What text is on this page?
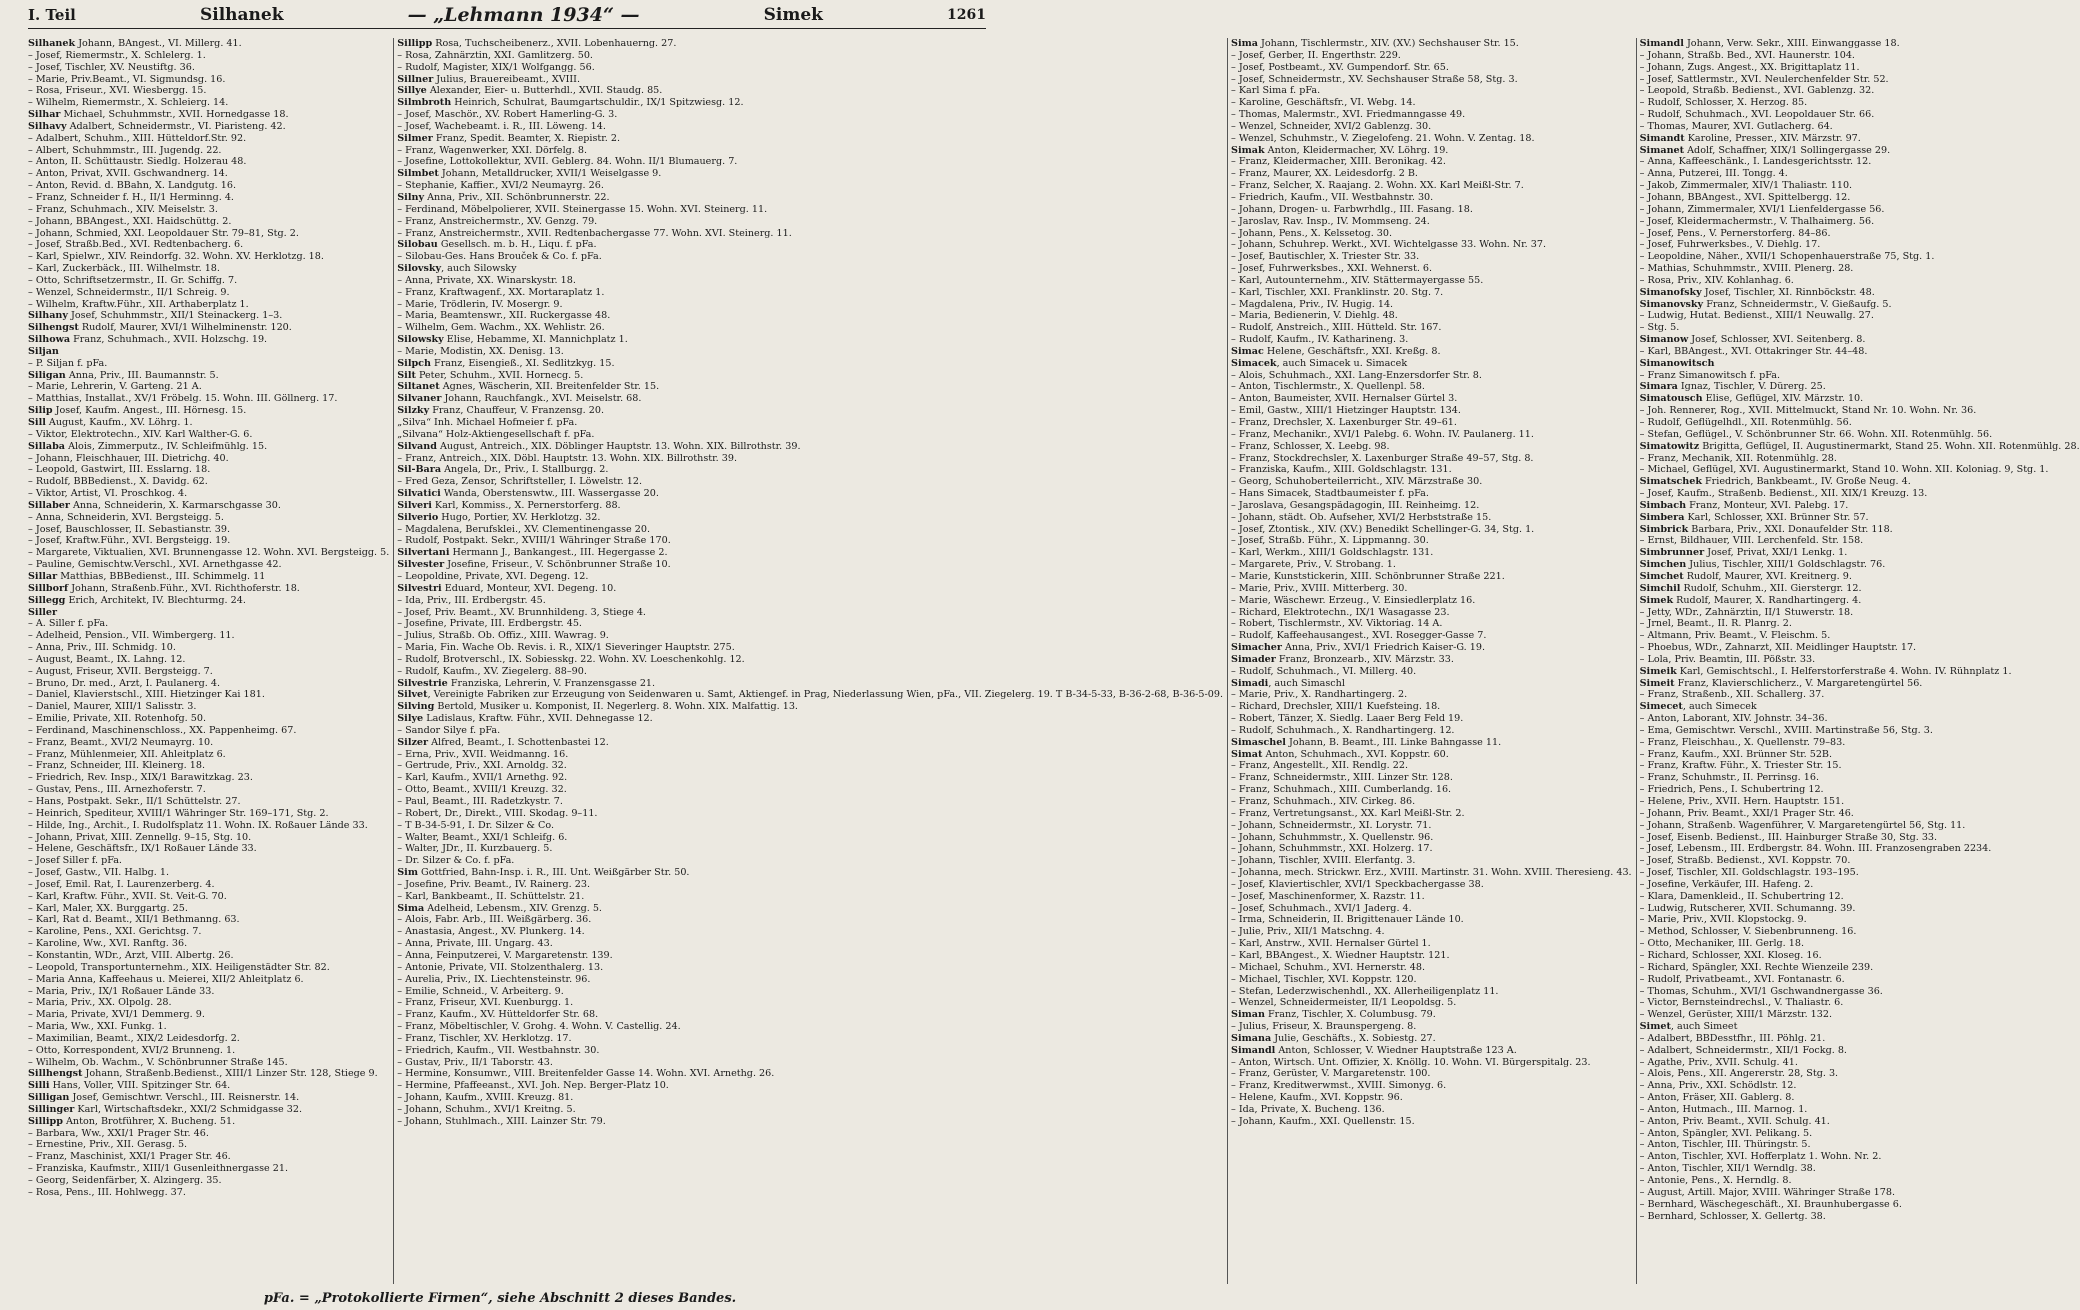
I. Teil	Silhanek	— „Lehmann 1934“ —	Simek	1261
Silhanek Johann, BAngest., VI. Millerg. 41.
– Josef, Riemermstr., X. Schlelerg. 1.
– Josef, Tischler, XV. Neustiftg. 36.
– Marie, Priv.Beamt., VI. Sigmundsg. 16.
– Rosa, Friseur., XVI. Wiesbergg. 15.
– Wilhelm, Riemermstr., X. Schleierg. 14.
Silhar Michael, Schuhmmstr., XVII. Hornedgasse 18.
Silhavy Adalbert, Schneidermstr., VI. Piaristeng. 42.
– Adalbert, Schuhm., XIII. Hütteldorf.Str. 92.
– Albert, Schuhmmstr., III. Jugendg. 22.
– Anton, II. Schüttaustr. Siedlg. Holzerau 48.
– Anton, Privat, XVII. Gschwandnerg. 14.
– Anton, Revid. d. BBahn, X. Landgutg. 16.
– Franz, Schneider f. H., II/1 Herminng. 4.
– Franz, Schuhmach., XIV. Meiselstr. 3.
– Johann, BBAngest., XXI. Haidschüttg. 2.
– Johann, Schmied, XXI. Leopoldauer Str. 79–81, Stg. 2.
– Josef, Straßb.Bed., XVI. Redtenbacherg. 6.
– Karl, Spielwr., XIV. Reindorfg. 32. Wohn. XV. Herklotzg. 18.
– Karl, Zuckerbäck., III. Wilhelmstr. 18.
– Otto, Schriftsetzermstr., II. Gr. Schiffg. 7.
– Wenzel, Schneidermstr., II/1 Schreig. 9.
– Wilhelm, Kraftw.Führ., XII. Arthaberplatz 1.
Silhany Josef, Schuhmmstr., XII/1 Steinackerg. 1–3.
Silhengst Rudolf, Maurer, XVI/1 Wilhelminenstr. 120.
Silhowa Franz, Schuhmach., XVII. Holzschg. 19.
Siljan
– P. Siljan f. pFa.
Siligan Anna, Priv., III. Baumannstr. 5.
– Marie, Lehrerin, V. Garteng. 21 A.
– Matthias, Installat., XV/1 Fröbelg. 15. Wohn. III. Göllnerg. 17.
Silip Josef, Kaufm. Angest., III. Hörnesg. 15.
Sill August, Kaufm., XV. Löhrg. 1.
– Viktor, Elektrotechn., XIV. Karl Walther-G. 6.
Sillaba Alois, Zimmerputz., IV. Schleifmühlg. 15.
– Johann, Fleischhauer, III. Dietrichg. 40.
– Leopold, Gastwirt, III. Esslarng. 18.
– Rudolf, BBBedienst., X. Davidg. 62.
– Viktor, Artist, VI. Proschkog. 4.
Sillaber Anna, Schneiderin, X. Karmarschgasse 30.
– Anna, Schneiderin, XVI. Bergsteigg. 5.
– Josef, Bauschlosser, II. Sebastianstr. 39.
– Josef, Kraftw.Führ., XVI. Bergsteigg. 19.
– Margarete, Viktualien, XVI. Brunnengasse 12. Wohn. XVI. Bergsteigg. 5.
– Pauline, Gemischtw.Verschl., XVI. Arnethgasse 42.
Sillar Matthias, BBBedienst., III. Schimmelg. 11
Sillborf Johann, Straßenb.Führ., XVI. Richthoferstr. 18.
Sillegg Erich, Architekt, IV. Blechturmg. 24.
Siller
– A. Siller f. pFa.
– Adelheid, Pension., VII. Wimbergerg. 11.
– Anna, Priv., III. Schmidg. 10.
– August, Beamt., IX. Lahng. 12.
– August, Friseur, XVII. Bergsteigg. 7.
– Bruno, Dr. med., Arzt, I. Paulanerg. 4.
– Daniel, Klavierstschl., XIII. Hietzinger Kai 181.
– Daniel, Maurer, XIII/1 Salisstr. 3.
– Emilie, Private, XII. Rotenhofg. 50.
– Ferdinand, Maschinenschloss., XX. Pappenheimg. 67.
– Franz, Beamt., XVI/2 Neumayrg. 10.
– Franz, Mühlenmeier, XII. Ahleitplatz 6.
– Franz, Schneider, III. Kleinerg. 18.
– Friedrich, Rev. Insp., XIX/1 Barawitzkag. 23.
– Gustav, Pens., III. Arnezhoferstr. 7.
– Hans, Postpakt. Sekr., II/1 Schüttelstr. 27.
– Heinrich, Spediteur, XVIII/1 Währinger Str. 169–171, Stg. 2.
– Hilde, Ing., Archit., I. Rudolfsplatz 11. Wohn. IX. Roßauer Lände 33.
– Johann, Privat, XIII. Zennellg. 9–15, Stg. 10.
– Helene, Geschäftsfr., IX/1 Roßauer Lände 33.
– Josef Siller f. pFa.
– Josef, Gastw., VII. Halbg. 1.
– Josef, Emil. Rat, I. Laurenzerberg. 4.
– Karl, Kraftw. Führ., XVII. St. Veit-G. 70.
– Karl, Maler, XX. Burggartg. 25.
– Karl, Rat d. Beamt., XII/1 Bethmanng. 63.
– Karoline, Pens., XXI. Gerichtsg. 7.
– Karoline, Ww., XVI. Ranftg. 36.
– Konstantin, WDr., Arzt, VIII. Albertg. 26.
– Leopold, Transportunternehm., XIX. Heiligenstädter Str. 82.
– Maria Anna, Kaffeehaus u. Meierei, XII/2 Ahleitplatz 6.
– Maria, Priv., IX/1 Roßauer Lände 33.
– Maria, Priv., XX. Olpolg. 28.
– Maria, Private, XVI/1 Demmerg. 9.
– Maria, Ww., XXI. Funkg. 1.
– Maximilian, Beamt., XIX/2 Leidesdorfg. 2.
– Otto, Korrespondent, XVI/2 Brunneng. 1.
– Wilhelm, Ob. Wachm., V. Schönbrunner Straße 145.
Sillhengst Johann, Straßenb.Bedienst., XIII/1 Linzer Str. 128, Stiege 9.
Silli Hans, Voller, VIII. Spitzinger Str. 64.
Silligan Josef, Gemischtwr. Verschl., III. Reisnerstr. 14.
Sillinger Karl, Wirtschaftsdekr., XXI/2 Schmidgasse 32.
Sillipp Anton, Brotführer, X. Bucheng. 51.
– Barbara, Ww., XXI/1 Prager Str. 46.
– Ernestine, Priv., XII. Gerasg. 5.
– Franz, Maschinist, XXI/1 Prager Str. 46.
– Franziska, Kaufmstr., XIII/1 Gusenleithnergasse 21.
– Georg, Seidenfärber, X. Alzingerg. 35.
– Rosa, Pens., III. Hohlwegg. 37.
Sillipp Rosa, Tuchscheibenerz., XVII. Lobenhauerng. 27.
– Rosa, Zahnärztin, XXI. Gamlitzerg. 50.
– Rudolf, Magister, XIX/1 Wolfgangg. 56.
Sillner Julius, Brauereibeamt., XVIII.
Sillye Alexander, Eier- u. Butterhdl., XVII. Staudg. 85.
Silmbroth Heinrich, Schulrat, Baumgartschuldir., IX/1 Spitzwiesg. 12.
– Josef, Maschör., XV. Robert Hamerling-G. 3.
– Josef, Wachebeamt. i. R., III. Löweng. 14.
Silmer Franz, Spedit. Beamter, X. Riepistr. 2.
– Franz, Wagenwerker, XXI. Dörfelg. 8.
– Josefine, Lottokollektur, XVII. Geblerg. 84. Wohn. II/1 Blumauerg. 7.
Silmbet Johann, Metalldrucker, XVII/1 Weiselgasse 9.
– Stephanie, Kaffier., XVI/2 Neumayrg. 26.
Silny Anna, Priv., XII. Schönbrunnerstr. 22.
– Ferdinand, Möbelpolierer, XVII. Steinergasse 15. Wohn. XVI. Steinerg. 11.
– Franz, Anstreichermstr., XV. Genzg. 79.
– Franz, Anstreichermstr., XVII. Redtenbachergasse 77. Wohn. XVI. Steinerg. 11.
Silobau Gesellsch. m. b. H., Liqu. f. pFa.
– Silobau-Ges. Hans Brouček & Co. f. pFa.
Silovsky, auch Silowsky
– Anna, Private, XX. Winarskystr. 18.
– Franz, Kraftwagenf., XX. Mortaraplatz 1.
– Marie, Trödlerin, IV. Mosergr. 9.
– Maria, Beamtenswr., XII. Ruckergasse 48.
– Wilhelm, Gem. Wachm., XX. Wehlistr. 26.
Silowsky Elise, Hebamme, XI. Mannichplatz 1.
– Marie, Modistin, XX. Denisg. 13.
Silpch Franz, Eisengieß., XI. Sedlitzkyg. 15.
Silt Peter, Schuhm., XVII. Hornecg. 5.
Siltanet Agnes, Wäscherin, XII. Breitenfelder Str. 15.
Silvaner Johann, Rauchfangk., XVI. Meiselstr. 68.
Silzky Franz, Chauffeur, V. Franzensg. 20.
„Silva“ Inh. Michael Hofmeier f. pFa.
„Silvana“ Holz-Aktiengesellschaft f. pFa.
Silvand August, Antreich., XIX. Döblinger Hauptstr. 13. Wohn. XIX. Billrothstr. 39.
– Franz, Antreich., XIX. Döbl. Hauptstr. 13. Wohn. XIX. Billrothstr. 39.
Sil-Bara Angela, Dr., Priv., I. Stallburgg. 2.
– Fred Geza, Zensor, Schriftsteller, I. Löwelstr. 12.
Silvatici Wanda, Oberstenswtw., III. Wassergasse 20.
Silveri Karl, Kommiss., X. Pernerstorferg. 88.
Silverio Hugo, Portier, XV. Herklotzg. 32.
– Magdalena, Berufsklei., XV. Clementinengasse 20.
– Rudolf, Postpakt. Sekr., XVIII/1 Währinger Straße 170.
Silvertani Hermann J., Bankangest., III. Hegergasse 2.
Silvester Josefine, Friseur., V. Schönbrunner Straße 10.
– Leopoldine, Private, XVI. Degeng. 12.
Silvestri Eduard, Monteur, XVI. Degeng. 10.
– Ida, Priv., III. Erdbergstr. 45.
– Josef, Priv. Beamt., XV. Brunnhildeng. 3, Stiege 4.
– Josefine, Private, III. Erdbergstr. 45.
– Julius, Straßb. Ob. Offiz., XIII. Wawrag. 9.
– Maria, Fin. Wache Ob. Revis. i. R., XIX/1 Sieveringer Hauptstr. 275.
– Rudolf, Brotverschl., IX. Sobiesskg. 22. Wohn. XV. Loeschenkohlg. 12.
– Rudolf, Kaufm., XV. Ziegelerg. 88–90.
Silvestrie Franziska, Lehrerin, V. Franzensgasse 21.
Silvet, Vereinigte Fabriken zur Erzeugung von Seidenwaren u. Samt, Aktiengef. in Prag, Niederlassung Wien, pFa., VII. Ziegelerg. 19. T B-34-5-33, B-36-2-68, B-36-5-09.
Silving Bertold, Musiker u. Komponist, II. Negerlerg. 8. Wohn. XIX. Malfattig. 13.
Silye Ladislaus, Kraftw. Führ., XVII. Dehnegasse 12.
– Sandor Silye f. pFa.
Silzer Alfred, Beamt., I. Schottenbastei 12.
– Erna, Priv., XVII. Weidmanng. 16.
– Gertrude, Priv., XXI. Arnoldg. 32.
– Karl, Kaufm., XVII/1 Arnethg. 92.
– Otto, Beamt., XVIII/1 Kreuzg. 32.
– Paul, Beamt., III. Radetzkystr. 7.
– Robert, Dr., Direkt., VIII. Skodag. 9–11.
– T B-34-5-91, I. Dr. Silzer & Co.
– Walter, Beamt., XXI/1 Schleifg. 6.
– Walter, JDr., II. Kurzbauerg. 5.
– Dr. Silzer & Co. f. pFa.
Sim Gottfried, Bahn-Insp. i. R., III. Unt. Weißgärber Str. 50.
– Josefine, Priv. Beamt., IV. Rainerg. 23.
– Karl, Bankbeamt., II. Schüttelstr. 21.
Sima Adelheid, Lebensm., XIV. Grenzg. 5.
– Alois, Fabr. Arb., III. Weißgärberg. 36.
– Anastasia, Angest., XV. Plunkerg. 14.
– Anna, Private, III. Ungarg. 43.
– Anna, Feinputzerei, V. Margaretenstr. 139.
– Antonie, Private, VII. Stolzenthalerg. 13.
– Aurelia, Priv., IX. Liechtensteinstr. 96.
– Emilie, Schneid., V. Arbeiterg. 9.
– Franz, Friseur, XVI. Kuenburgg. 1.
– Franz, Kaufm., XV. Hütteldorfer Str. 68.
– Franz, Möbeltischler, V. Grohg. 4. Wohn. V. Castellig. 24.
– Franz, Tischler, XV. Herklotzg. 17.
– Friedrich, Kaufm., VII. Westbahnstr. 30.
– Gustav, Priv., II/1 Taborstr. 43.
– Hermine, Konsumwr., VIII. Breitenfelder Gasse 14. Wohn. XVI. Arnethg. 26.
– Hermine, Pfaffeeanst., XVI. Joh. Nep. Berger-Platz 10.
– Johann, Kaufm., XVIII. Kreuzg. 81.
– Johann, Schuhm., XVI/1 Kreitng. 5.
– Johann, Stuhlmach., XIII. Lainzer Str. 79.
Sima Johann, Tischlermstr., XIV. (XV.) Sechshauser Str. 15.
– Josef, Gerber, II. Engerthstr. 229.
– Josef, Postbeamt., XV. Gumpendorf. Str. 65.
– Josef, Schneidermstr., XV. Sechshauser Straße 58, Stg. 3.
– Karl Sima f. pFa.
– Karoline, Geschäftsfr., VI. Webg. 14.
– Thomas, Malermstr., XVI. Friedmanngasse 49.
– Wenzel, Schneider, XVI/2 Gablenzg. 30.
– Wenzel, Schuhmstr., V. Ziegelofeng. 21. Wohn. V. Zentag. 18.
Simak Anton, Kleidermacher, XV. Löhrg. 19.
– Franz, Kleidermacher, XIII. Beronikag. 42.
– Franz, Maurer, XX. Leidesdorfg. 2 B.
– Franz, Selcher, X. Raajang. 2. Wohn. XX. Karl Meißl-Str. 7.
– Friedrich, Kaufm., VII. Westbahnstr. 30.
– Johann, Drogen- u. Farbwrhdlg., III. Fasang. 18.
– Jaroslav, Rav. Insp., IV. Mommseng. 24.
– Johann, Pens., X. Kelssetog. 30.
– Johann, Schuhrep. Werkt., XVI. Wichtelgasse 33. Wohn. Nr. 37.
– Josef, Bautischler, X. Triester Str. 33.
– Josef, Fuhrwerksbes., XXI. Wehnerst. 6.
– Karl, Autounternehm., XIV. Stättermayergasse 55.
– Karl, Tischler, XXI. Franklinstr. 20. Stg. 7.
– Magdalena, Priv., IV. Hugig. 14.
– Maria, Bedienerin, V. Diehlg. 48.
– Rudolf, Anstreich., XIII. Hütteld. Str. 167.
– Rudolf, Kaufm., IV. Katharineng. 3.
Simac Helene, Geschäftsfr., XXI. Kreßg. 8.
Simacek, auch Simacek u. Simacek
– Alois, Schuhmach., XXI. Lang-Enzersdorfer Str. 8.
– Anton, Tischlermstr., X. Quellenpl. 58.
– Anton, Baumeister, XVII. Hernalser Gürtel 3.
– Emil, Gastw., XIII/1 Hietzinger Hauptstr. 134.
– Franz, Drechsler, X. Laxenburger Str. 49–61.
– Franz, Mechanikr., XVI/1 Palebg. 6. Wohn. IV. Paulanerg. 11.
– Franz, Schlosser, X. Leebg. 98.
– Franz, Stockdrechsler, X. Laxenburger Straße 49–57, Stg. 8.
– Franziska, Kaufm., XIII. Goldschlagstr. 131.
– Georg, Schuhoberteilerricht., XIV. Märzstraße 30.
– Hans Simacek, Stadtbaumeister f. pFa.
– Jaroslava, Gesangspädagogin, III. Reinheimg. 12.
– Johann, städt. Ob. Aufseher, XVI/2 Herbststraße 15.
– Josef, Ztontisk., XIV. (XV.) Benedikt Schellinger-G. 34, Stg. 1.
– Josef, Straßb. Führ., X. Lippmanng. 30.
– Karl, Werkm., XIII/1 Goldschlagstr. 131.
– Margarete, Priv., V. Strobang. 1.
– Marie, Kunststickerin, XIII. Schönbrunner Straße 221.
– Marie, Priv., XVIII. Mitterberg. 30.
– Marie, Wäschewr. Erzeug., V. Einsiedlerplatz 16.
– Richard, Elektrotechn., IX/1 Wasagasse 23.
– Robert, Tischlermstr., XV. Viktoriag. 14 A.
– Rudolf, Kaffeehausangest., XVI. Rosegger-Gasse 7.
Simacher Anna, Priv., XVI/1 Friedrich Kaiser-G. 19.
Simader Franz, Bronzearb., XIV. Märzstr. 33.
– Rudolf, Schuhmach., VI. Millerg. 40.
Simadi, auch Simaschl
– Marie, Priv., X. Randhartingerg. 2.
– Richard, Drechsler, XIII/1 Kuefsteing. 18.
– Robert, Tänzer, X. Siedlg. Laaer Berg Feld 19.
– Rudolf, Schuhmach., X. Randhartingerg. 12.
Simaschel Johann, B. Beamt., III. Linke Bahngasse 11.
Simat Anton, Schuhmach., XVI. Koppstr. 60.
– Franz, Angestellt., XII. Rendlg. 22.
– Franz, Schneidermstr., XIII. Linzer Str. 128.
– Franz, Schuhmach., XIII. Cumberlandg. 16.
– Franz, Schuhmach., XIV. Cirkeg. 86.
– Franz, Vertretungsanst., XX. Karl Meißl-Str. 2.
– Johann, Schneidermstr., XI. Lorystr. 71.
– Johann, Schuhmmstr., X. Quellenstr. 96.
– Johann, Schuhmmstr., XXI. Holzerg. 17.
– Johann, Tischler, XVIII. Elerfantg. 3.
– Johanna, mech. Strickwr. Erz., XVIII. Martinstr. 31. Wohn. XVIII. Theresieng. 43.
– Josef, Klaviertischler, XVI/1 Speckbachergasse 38.
– Josef, Maschinenformer, X. Razstr. 11.
– Josef, Schuhmach., XVI/1 Jaderg. 4.
– Irma, Schneiderin, II. Brigittenauer Lände 10.
– Julie, Priv., XII/1 Matschng. 4.
– Karl, Anstrw., XVII. Hernalser Gürtel 1.
– Karl, BBAngest., X. Wiedner Hauptstr. 121.
– Michael, Schuhm., XVI. Hernerstr. 48.
– Michael, Tischler, XVI. Koppstr. 120.
– Stefan, Lederzwischenhdl., XX. Allerheiligenplatz 11.
– Wenzel, Schneidermeister, II/1 Leopoldsg. 5.
Siman Franz, Tischler, X. Columbusg. 79.
– Julius, Friseur, X. Braunspergeng. 8.
Simana Julie, Geschäfts., X. Sobiestg. 27.
Simandl Anton, Schlosser, V. Wiedner Hauptstraße 123 A.
– Anton, Wirtsch. Unt. Offizier, X. Knöllg. 10. Wohn. VI. Bürgerspitalg. 23.
– Franz, Gerüster, V. Margaretenstr. 100.
– Franz, Kreditwerwmst., XVIII. Simonyg. 6.
– Helene, Kaufm., XVI. Koppstr. 96.
– Ida, Private, X. Bucheng. 136.
– Johann, Kaufm., XXI. Quellenstr. 15.
Simandl Johann, Verw. Sekr., XIII. Einwanggasse 18.
– Johann, Straßb. Bed., XVI. Haunerstr. 104.
– Johann, Zugs. Angest., XX. Brigittaplatz 11.
– Josef, Sattlermstr., XVI. Neulerchenfelder Str. 52.
– Leopold, Straßb. Bedienst., XVI. Gablenzg. 32.
– Rudolf, Schlosser, X. Herzog. 85.
– Rudolf, Schuhmach., XVI. Leopoldauer Str. 66.
– Thomas, Maurer, XVI. Gutlacherg. 64.
Simandt Karoline, Presser., XIV. Märzstr. 97.
Simanet Adolf, Schaffner, XIX/1 Sollingergasse 29.
– Anna, Kaffeeschänk., I. Landesgerichtsstr. 12.
– Anna, Putzerei, III. Tongg. 4.
– Jakob, Zimmermaler, XIV/1 Thaliastr. 110.
– Johann, BBAngest., XVI. Spittelbergg. 12.
– Johann, Zimmermaler, XVI/1 Lienfeldergasse 56.
– Josef, Kleidermachermstr., V. Thalhaimerg. 56.
– Josef, Pens., V. Pernerstorferg. 84–86.
– Josef, Fuhrwerksbes., V. Diehlg. 17.
– Leopoldine, Näher., XVII/1 Schopenhauerstraße 75, Stg. 1.
– Mathias, Schuhmmstr., XVIII. Plenerg. 28.
– Rosa, Priv., XIV. Kohlanhag. 6.
Simanofsky Josef, Tischler, XI. Rinnböckstr. 48.
Simanovsky Franz, Schneidermstr., V. Gießaufg. 5.
– Ludwig, Hutat. Bedienst., XIII/1 Neuwallg. 27.
– Stg. 5.
Simanow Josef, Schlosser, XVI. Seitenberg. 8.
– Karl, BBAngest., XVI. Ottakringer Str. 44–48.
Simanowitsch
– Franz Simanowitsch f. pFa.
Simara Ignaz, Tischler, V. Dürerg. 25.
Simatousch Elise, Geflügel, XIV. Märzstr. 10.
– Joh. Rennerer, Rog., XVII. Mittelmuckt, Stand Nr. 10. Wohn. Nr. 36.
– Rudolf, Geflügelhdl., XII. Rotenmühlg. 56.
– Stefan, Geflügel., V. Schönbrunner Str. 66. Wohn. XII. Rotenmühlg. 56.
Simatowitz Brigitta, Geflügel, II. Augustinermarkt, Stand 25. Wohn. XII. Rotenmühlg. 28.
– Franz, Mechanik, XII. Rotenmühlg. 28.
– Michael, Geflügel, XVI. Augustinermarkt, Stand 10. Wohn. XII. Koloniag. 9, Stg. 1.
Simatschek Friedrich, Bankbeamt., IV. Große Neug. 4.
– Josef, Kaufm., Straßenb. Bedienst., XII. XIX/1 Kreuzg. 13.
Simbach Franz, Monteur, XVI. Palebg. 17.
Simbera Karl, Schlosser, XXI. Brünner Str. 57.
Simbrick Barbara, Priv., XXI. Donaufelder Str. 118.
– Ernst, Bildhauer, VIII. Lerchenfeld. Str. 158.
Simbrunner Josef, Privat, XXI/1 Lenkg. 1.
Simchen Julius, Tischler, XIII/1 Goldschlagstr. 76.
Simchet Rudolf, Maurer, XVI. Kreitnerg. 9.
Simchil Rudolf, Schuhm., XII. Gierstergr. 12.
Simek Rudolf, Maurer, X. Randhartingerg. 4.
– Jetty, WDr., Zahnärztin, II/1 Stuwerstr. 18.
– Jrnel, Beamt., II. R. Planrg. 2.
– Altmann, Priv. Beamt., V. Fleischm. 5.
– Phoebus, WDr., Zahnarzt, XII. Meidlinger Hauptstr. 17.
– Lola, Priv. Beamtin, III. Pößstr. 33.
Simeik Karl, Gemischtschl., I. Helferstorferstraße 4. Wohn. IV. Rühnplatz 1.
Simeit Franz, Klavierschlicherz., V. Margaretengürtel 56.
– Franz, Straßenb., XII. Schallerg. 37.
Simecet, auch Simecek
– Anton, Laborant, XIV. Johnstr. 34–36.
– Ema, Gemischtwr. Verschl., XVIII. Martinstraße 56, Stg. 3.
– Franz, Fleischhau., X. Quellenstr. 79–83.
– Franz, Kaufm., XXI. Brünner Str. 52B.
– Franz, Kraftw. Führ., X. Triester Str. 15.
– Franz, Schuhmstr., II. Perrinsg. 16.
– Friedrich, Pens., I. Schubertring 12.
– Helene, Priv., XVII. Hern. Hauptstr. 151.
– Johann, Priv. Beamt., XXI/1 Prager Str. 46.
– Johann, Straßenb. Wagenführer, V. Margaretengürtel 56, Stg. 11.
– Josef, Eisenb. Bedienst., III. Hainburger Straße 30, Stg. 33.
– Josef, Lebensm., III. Erdbergstr. 84. Wohn. III. Franzosengraben 2234.
– Josef, Straßb. Bedienst., XVI. Koppstr. 70.
– Josef, Tischler, XII. Goldschlagstr. 193–195.
– Josefine, Verkäufer, III. Hafeng. 2.
– Klara, Damenkleid., II. Schubertring 12.
– Ludwig, Rutscherer, XVII. Schumanng. 39.
– Marie, Priv., XVII. Klopstockg. 9.
– Method, Schlosser, V. Siebenbrunneng. 16.
– Otto, Mechaniker, III. Gerlg. 18.
– Richard, Schlosser, XXI. Kloseg. 16.
– Richard, Spängler, XXI. Rechte Wienzeile 239.
– Rudolf, Privatbeamt., XVI. Fontanastr. 6.
– Thomas, Schuhm., XVI/1 Gschwandnergasse 36.
– Victor, Bernsteindrechsl., V. Thaliastr. 6.
– Wenzel, Gerüster, XIII/1 Märzstr. 132.
Simet, auch Simeet
– Adalbert, BBDesstfhr., III. Pöhlg. 21.
– Adalbert, Schneidermstr., XII/1 Fockg. 8.
– Agathe, Priv., XVII. Schulg. 41.
– Alois, Pens., XII. Angererstr. 28, Stg. 3.
– Anna, Priv., XXI. Schödlstr. 12.
– Anton, Fräser, XII. Gablerg. 8.
– Anton, Hutmach., III. Marnog. 1.
– Anton, Priv. Beamt., XVII. Schulg. 41.
– Anton, Spängler, XVI. Pelikang. 5.
– Anton, Tischler, III. Thüringstr. 5.
– Anton, Tischler, XVI. Hofferplatz 1. Wohn. Nr. 2.
– Anton, Tischler, XII/1 Werndlg. 38.
– Antonie, Pens., X. Herndlg. 8.
– August, Artill. Major, XVIII. Währinger Straße 178.
– Bernhard, Wäschegeschäft., XI. Braunhubergasse 6.
– Bernhard, Schlosser, X. Gellertg. 38.
pFa. = „Protokollierte Firmen“, siehe Abschnitt 2 dieses Bandes.
